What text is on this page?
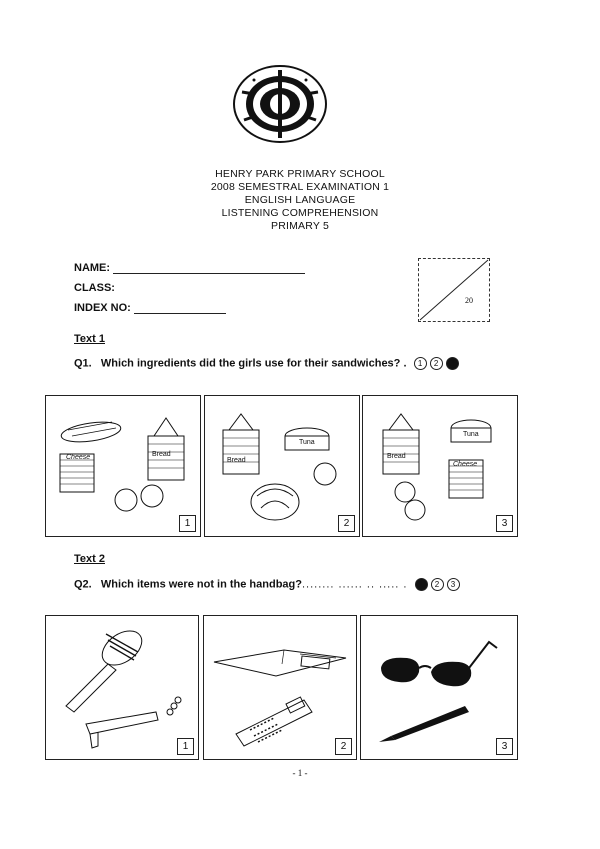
HENRY PARK PRIMARY SCHOOL
2008 SEMESTRAL EXAMINATION 1
ENGLISH LANGUAGE
LISTENING COMPREHENSION
PRIMARY 5
NAME:
CLASS:
INDEX NO:
20
Text 1
Q1. Which ingredients did the girls use for their sandwiches? .	1	2	3
Cheese	Bread
1
Bread
Tuna
2
Bread
Tuna
Cheese
3
Text 2
Q2. Which items were not in the handbag?........ ...... .. ..... .	1	2	3
1	2	3
- 1 -
